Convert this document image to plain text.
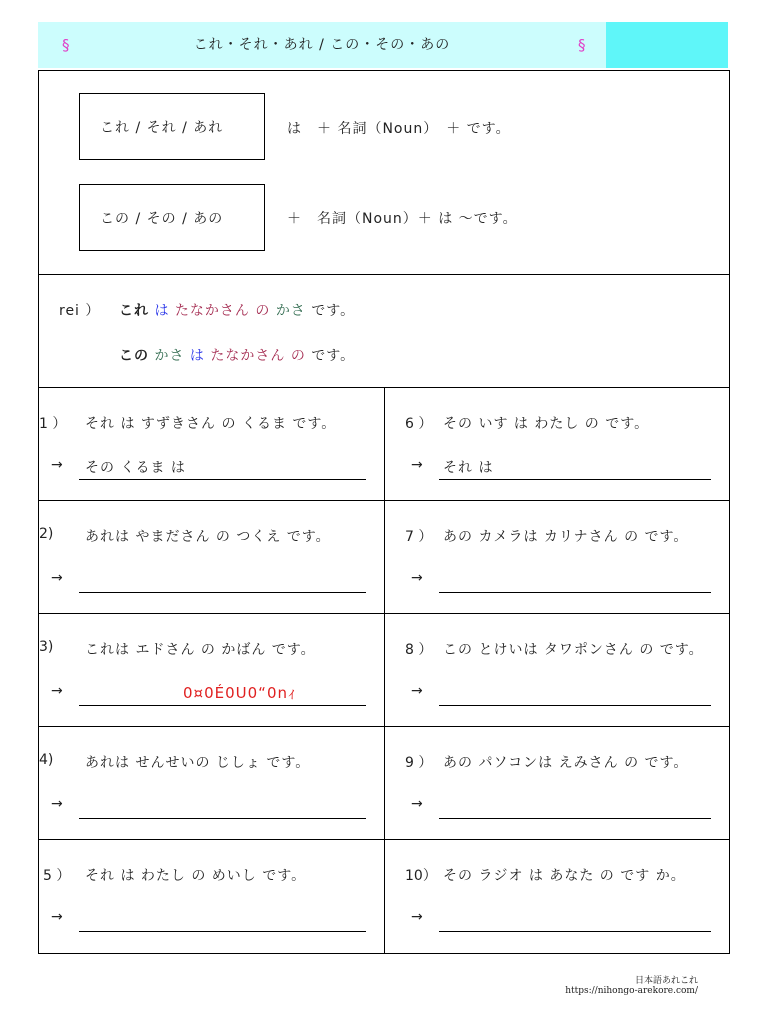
§	これ・それ・あれ / この・その・あの	§
これ / それ / あれ	は　＋ 名詞（Noun）　＋ です。
この / その / あの	＋　名詞（Noun）＋ は ～です。
rei ） これ は たなかさん の かさ です。
この かさ は たなかさん の です。
1 ） それ は すずきさん の くるま です。
→ その くるま は
2) あれは やまださん の つくえ です。
→
3) これは エドさん の かばん です。
→	0¤0É0U0“0nｨ
4) あれは せんせいの じしょ です。
→
5 ） それ は わたし の めいし です。
→
6 ） その いす は わたし の です。
→ それ は
7 ） あの カメラは カリナさん の です。
→
8 ） この とけいは タワポンさん の です。
→
9 ） あの パソコンは えみさん の です。
→
10） その ラジオ は あなた の です か。
→
日本語あれこれ
https://nihongo-arekore.com/
